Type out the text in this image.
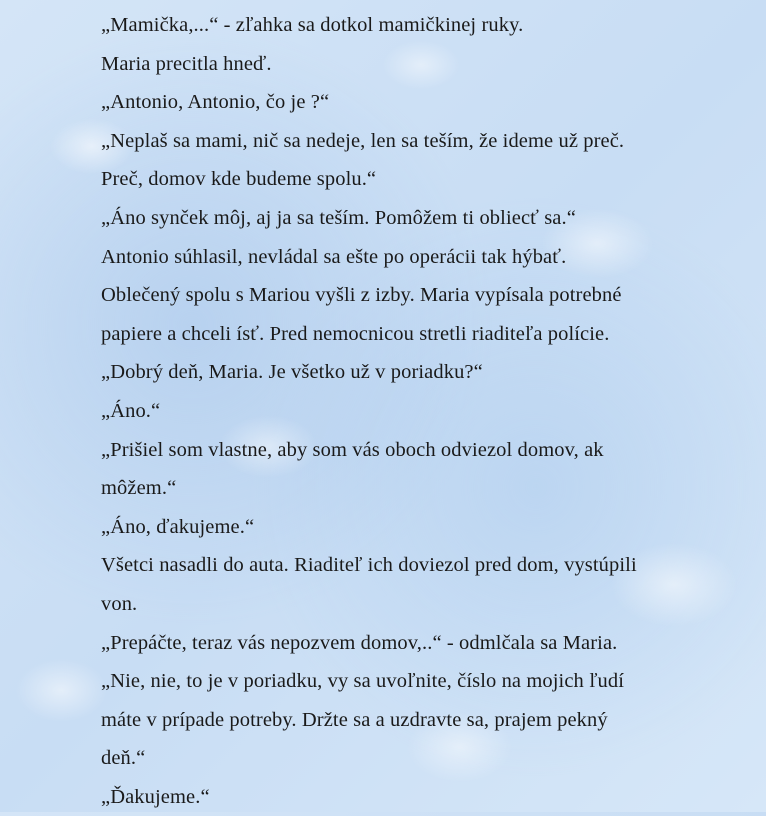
„Mamička,...“ - zľahka sa dotkol mamičkinej ruky.
Maria precitla hneď.
„Antonio, Antonio, čo je ?“
„Neplaš sa mami, nič sa nedeje, len sa teším, že ideme už preč.
Preč, domov kde budeme spolu.“
„Áno synček môj, aj ja sa teším. Pomôžem ti obliecť sa.“
Antonio súhlasil, nevládal sa ešte po operácii tak hýbať.
Oblečený spolu s Mariou vyšli z izby. Maria vypísala potrebné
papiere a chceli ísť. Pred nemocnicou stretli riaditeľa polície.
„Dobrý deň, Maria. Je všetko už v poriadku?“
„Áno.“
„Prišiel som vlastne, aby som vás oboch odviezol domov, ak
môžem.“
„Áno, ďakujeme.“
Všetci nasadli do auta. Riaditeľ ich doviezol pred dom, vystúpili
von.
„Prepáčte, teraz vás nepozvem domov,..“ - odmlčala sa Maria.
„Nie, nie, to je v poriadku, vy sa uvoľnite, číslo na mojich ľudí
máte v prípade potreby. Držte sa a uzdravte sa, prajem pekný
deň.“
„Ďakujeme.“
